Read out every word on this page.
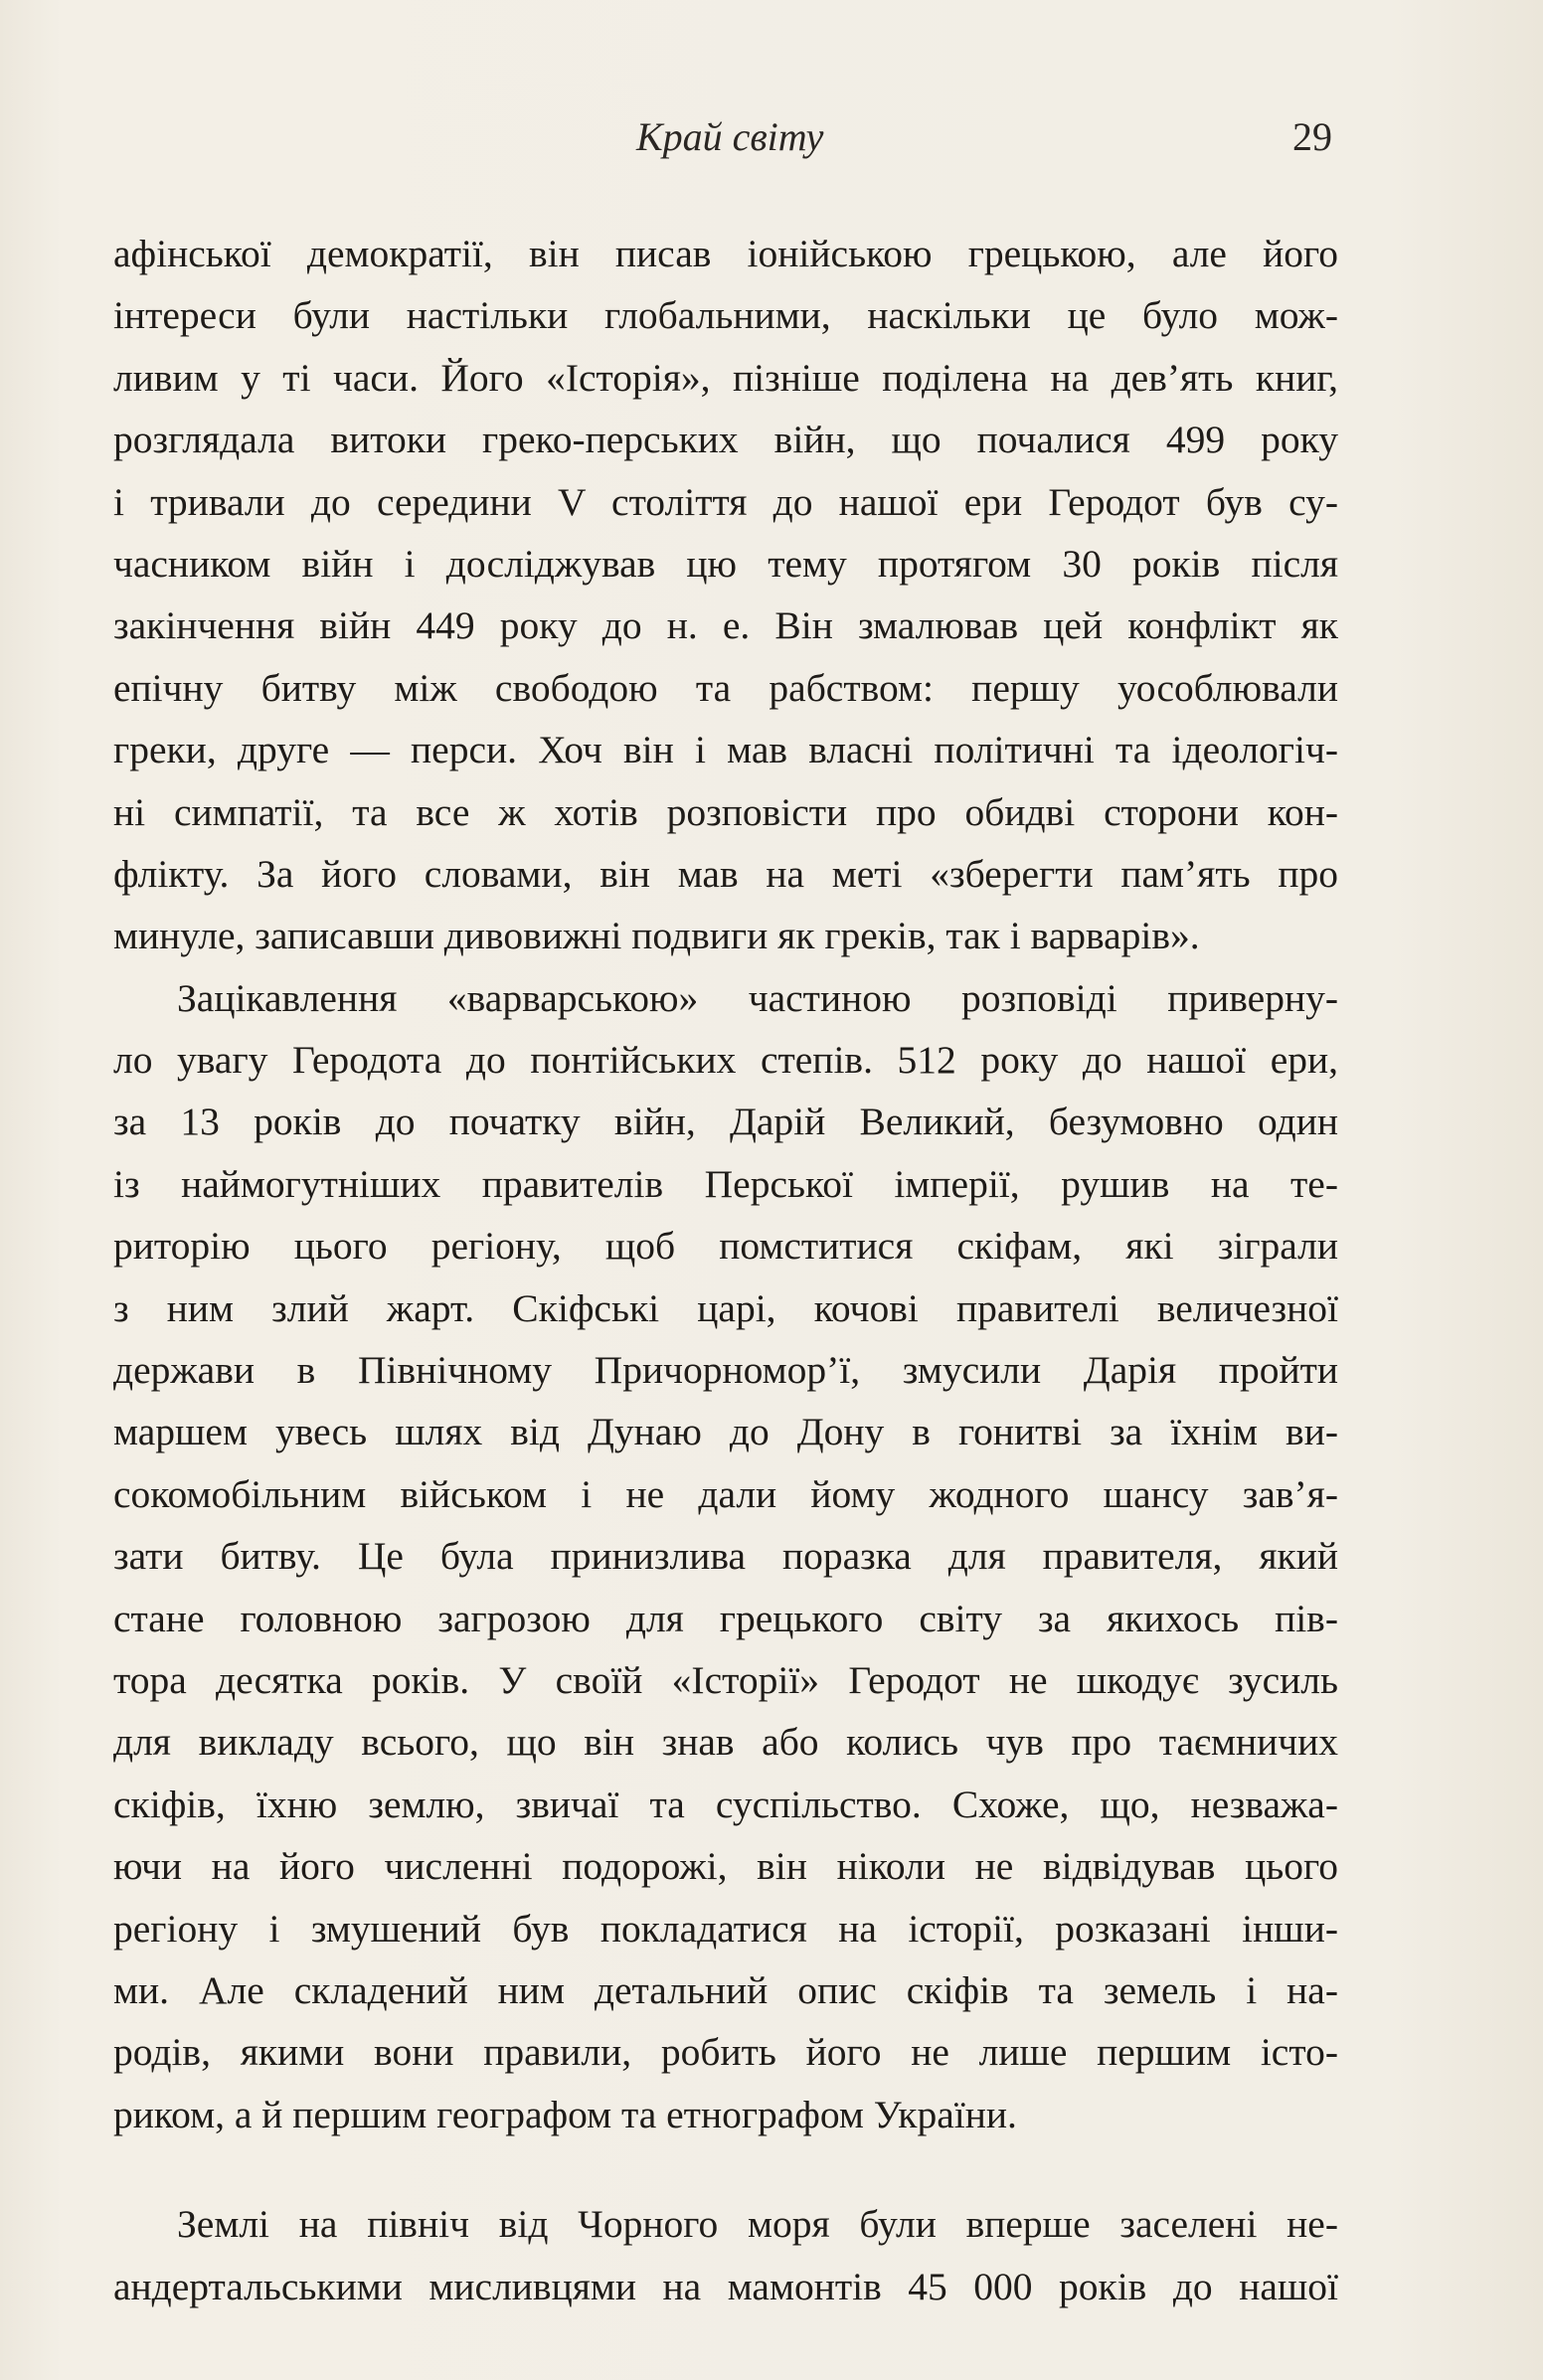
Край світу	29
афінської демократії, він писав іонійською грецькою, але його
інтереси були настільки глобальними, наскільки це було мож-
ливим у ті часи. Його «Історія», пізніше поділена на дев’ять книг,
розглядала витоки греко-перських війн, що почалися 499 року
і тривали до середини V століття до нашої ери Геродот був су-
часником війн і досліджував цю тему протягом 30 років після
закінчення війн 449 року до н. е. Він змалював цей конфлікт як
епічну битву між свободою та рабством: першу уособлювали
греки, друге — перси. Хоч він і мав власні політичні та ідеологіч-
ні симпатії, та все ж хотів розповісти про обидві сторони кон-
флікту. За його словами, він мав на меті «зберегти пам’ять про
минуле, записавши дивовижні подвиги як греків, так і варварів».
Зацікавлення «варварською» частиною розповіді приверну-
ло увагу Геродота до понтійських степів. 512 року до нашої ери,
за 13 років до початку війн, Дарій Великий, безумовно один
із наймогутніших правителів Перської імперії, рушив на те-
риторію цього регіону, щоб помститися скіфам, які зіграли
з ним злий жарт. Скіфські царі, кочові правителі величезної
держави в Північному Причорномор’ї, змусили Дарія пройти
маршем увесь шлях від Дунаю до Дону в гонитві за їхнім ви-
сокомобільним військом і не дали йому жодного шансу зав’я-
зати битву. Це була принизлива поразка для правителя, який
стане головною загрозою для грецького світу за якихось пів-
тора десятка років. У своїй «Історії» Геродот не шкодує зусиль
для викладу всього, що він знав або колись чув про таємничих
скіфів, їхню землю, звичаї та суспільство. Схоже, що, незважа-
ючи на його численні подорожі, він ніколи не відвідував цього
регіону і змушений був покладатися на історії, розказані інши-
ми. Але складений ним детальний опис скіфів та земель і на-
родів, якими вони правили, робить його не лише першим істо-
риком, а й першим географом та етнографом України.
Землі на північ від Чорного моря були вперше заселені не-
андертальськими мисливцями на мамонтів 45 000 років до нашої
